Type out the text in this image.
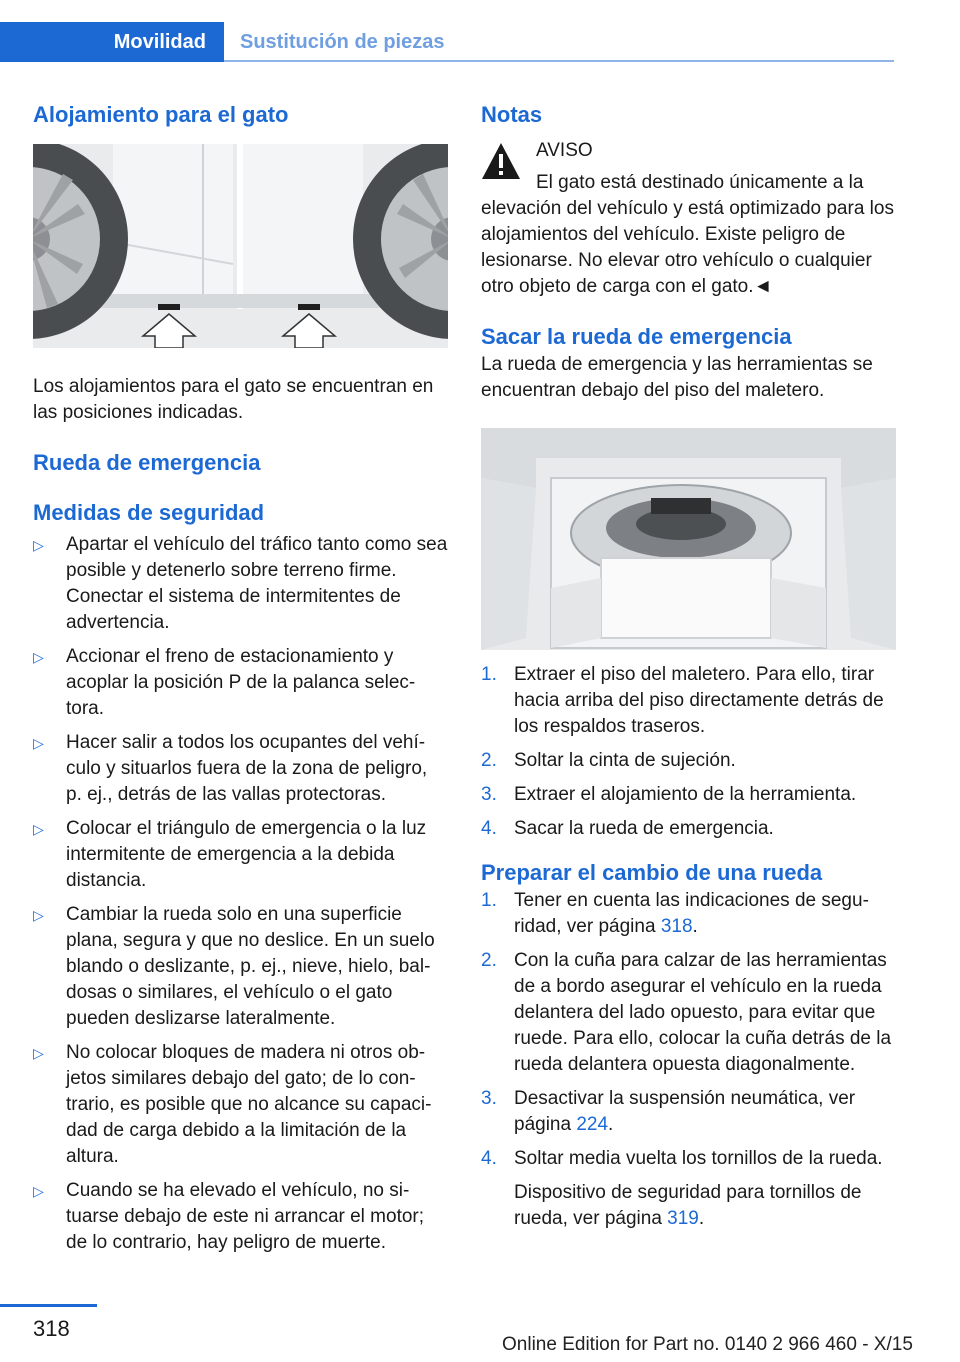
Movilidad	Sustitución de piezas
Alojamiento para el gato

Los alojamientos para el gato se encuentran en las posiciones indicadas.

Rueda de emergencia
Medidas de seguridad
▷ Apartar el vehículo del tráfico tanto como sea posible y detenerlo sobre terreno firme. Conectar el sistema de intermitentes de advertencia.
▷ Accionar el freno de estacionamiento y acoplar la posición P de la palanca selec‐tora.
▷ Hacer salir a todos los ocupantes del vehí‐culo y situarlos fuera de la zona de peligro, p. ej., detrás de las vallas protectoras.
▷ Colocar el triángulo de emergencia o la luz intermitente de emergencia a la debida distancia.
▷ Cambiar la rueda solo en una superficie plana, segura y que no deslice. En un suelo blando o deslizante, p. ej., nieve, hielo, bal‐dosas o similares, el vehículo o el gato pueden deslizarse lateralmente.
▷ No colocar bloques de madera ni otros ob‐jetos similares debajo del gato; de lo con‐trario, es posible que no alcance su capaci‐dad de carga debido a la limitación de la altura.
▷ Cuando se ha elevado el vehículo, no si‐tuarse debajo de este ni arrancar el motor; de lo contrario, hay peligro de muerte.
Notas

AVISO

El gato está destinado únicamente a la

elevación del vehículo y está optimizado para los alojamientos del vehículo. Existe peligro de lesionarse. No elevar otro vehículo o cualquier otro objeto de carga con el gato.◄

Sacar la rueda de emergencia

La rueda de emergencia y las herramientas se encuentran debajo del piso del maletero.

1. Extraer el piso del maletero. Para ello, tirar hacia arriba del piso directamente detrás de los respaldos traseros.
2. Soltar la cinta de sujeción.
3. Extraer el alojamiento de la herramienta.
4. Sacar la rueda de emergencia.
Preparar el cambio de una rueda
1. Tener en cuenta las indicaciones de segu‐ridad, ver página 318.
2. Con la cuña para calzar de las herramientas de a bordo asegurar el vehículo en la rueda delantera del lado opuesto, para evitar que ruede. Para ello, colocar la cuña detrás de la rueda delantera opuesta diagonalmente.
3. Desactivar la suspensión neumática, ver página 224.
4. Soltar media vuelta los tornillos de la rueda.
Dispositivo de seguridad para tornillos de rueda, ver página 319.
318
Online Edition for Part no. 0140 2 966 460 - X/15
